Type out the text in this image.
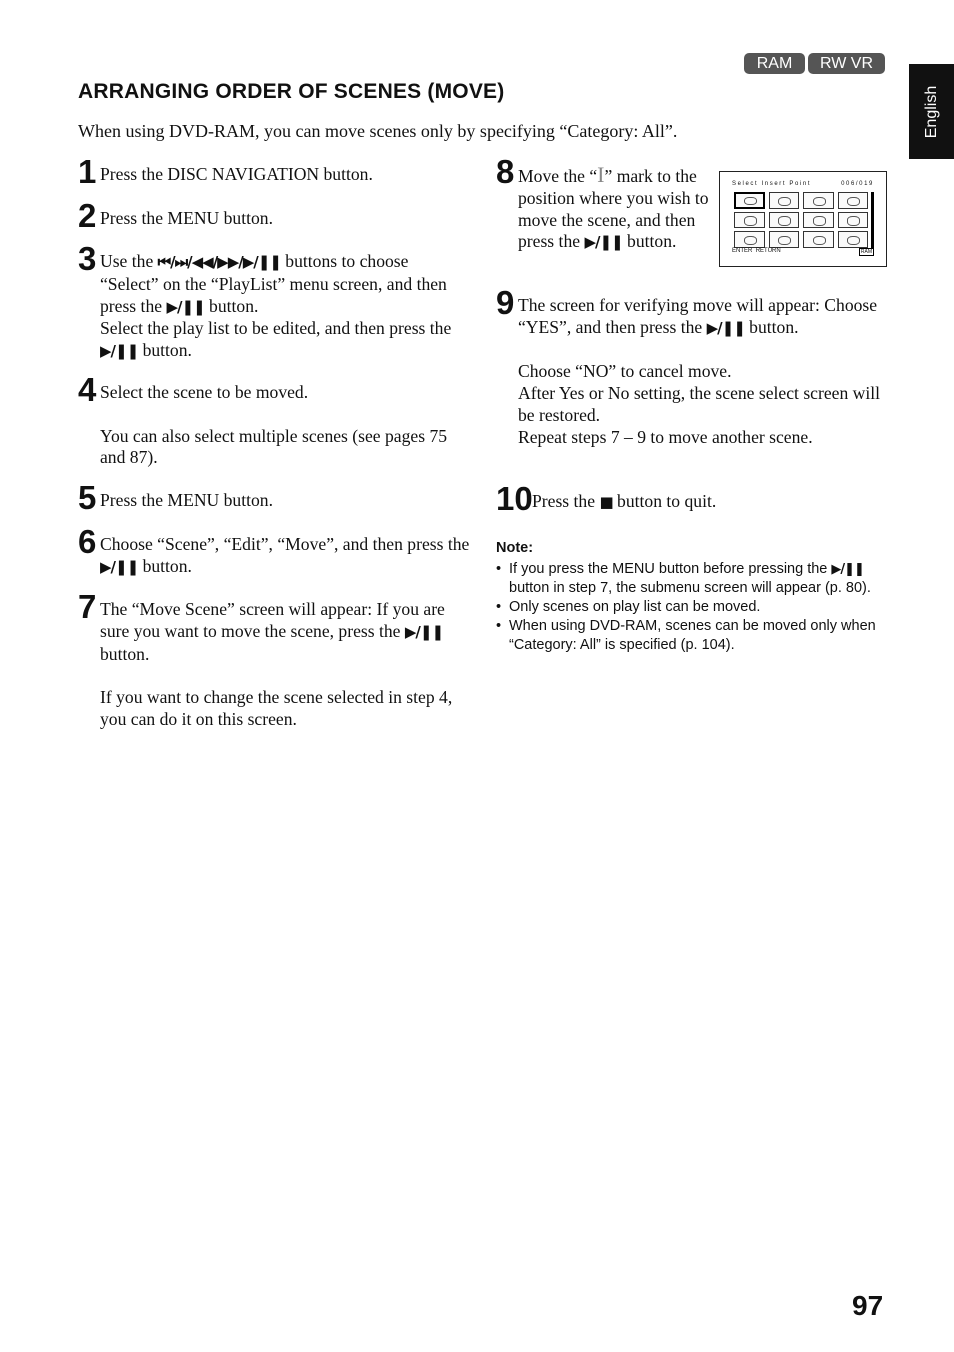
English
RAM	RW VR
ARRANGING ORDER OF SCENES (MOVE)
When using DVD-RAM, you can move scenes only by specifying “Category: All”.
1 Press the DISC NAVIGATION button.

2 Press the MENU button.

3 Use the ⏮/⏭/◀◀/▶▶/▶/❚❚ buttons to choose “Select” on the “PlayList” menu screen, and then press the ▶/❚❚ button.

Select the play list to be edited, and then press the ▶/❚❚ button.

4 Select the scene to be moved.

You can also select multiple scenes (see pages 75 and 87).

5 Press the MENU button.

6 Choose “Scene”, “Edit”, “Move”, and then press the ▶/❚❚ button.

7 The “Move Scene” screen will appear: If you are sure you want to move the scene, press the ▶/❚❚ button.

If you want to change the scene selected in step 4, you can do it on this screen.

8 Move the “I” mark to the position where you wish to move the scene, and then press the ▶/❚❚ button.

Select Insert Point	006/019
ENTER RETURN	RAM
9 The screen for verifying move will appear: Choose “YES”, and then press the ▶/❚❚ button.

Choose “NO” to cancel move.

After Yes or No setting, the scene select screen will be restored.

Repeat steps 7 – 9 to move another scene.

10 Press the ■ button to quit.

Note:
• If you press the MENU button before pressing the ▶/❚❚ button in step 7, the submenu screen will appear (p. 80).
• Only scenes on play list can be moved.
• When using DVD-RAM, scenes can be moved only when “Category: All” is specified (p. 104).
97
